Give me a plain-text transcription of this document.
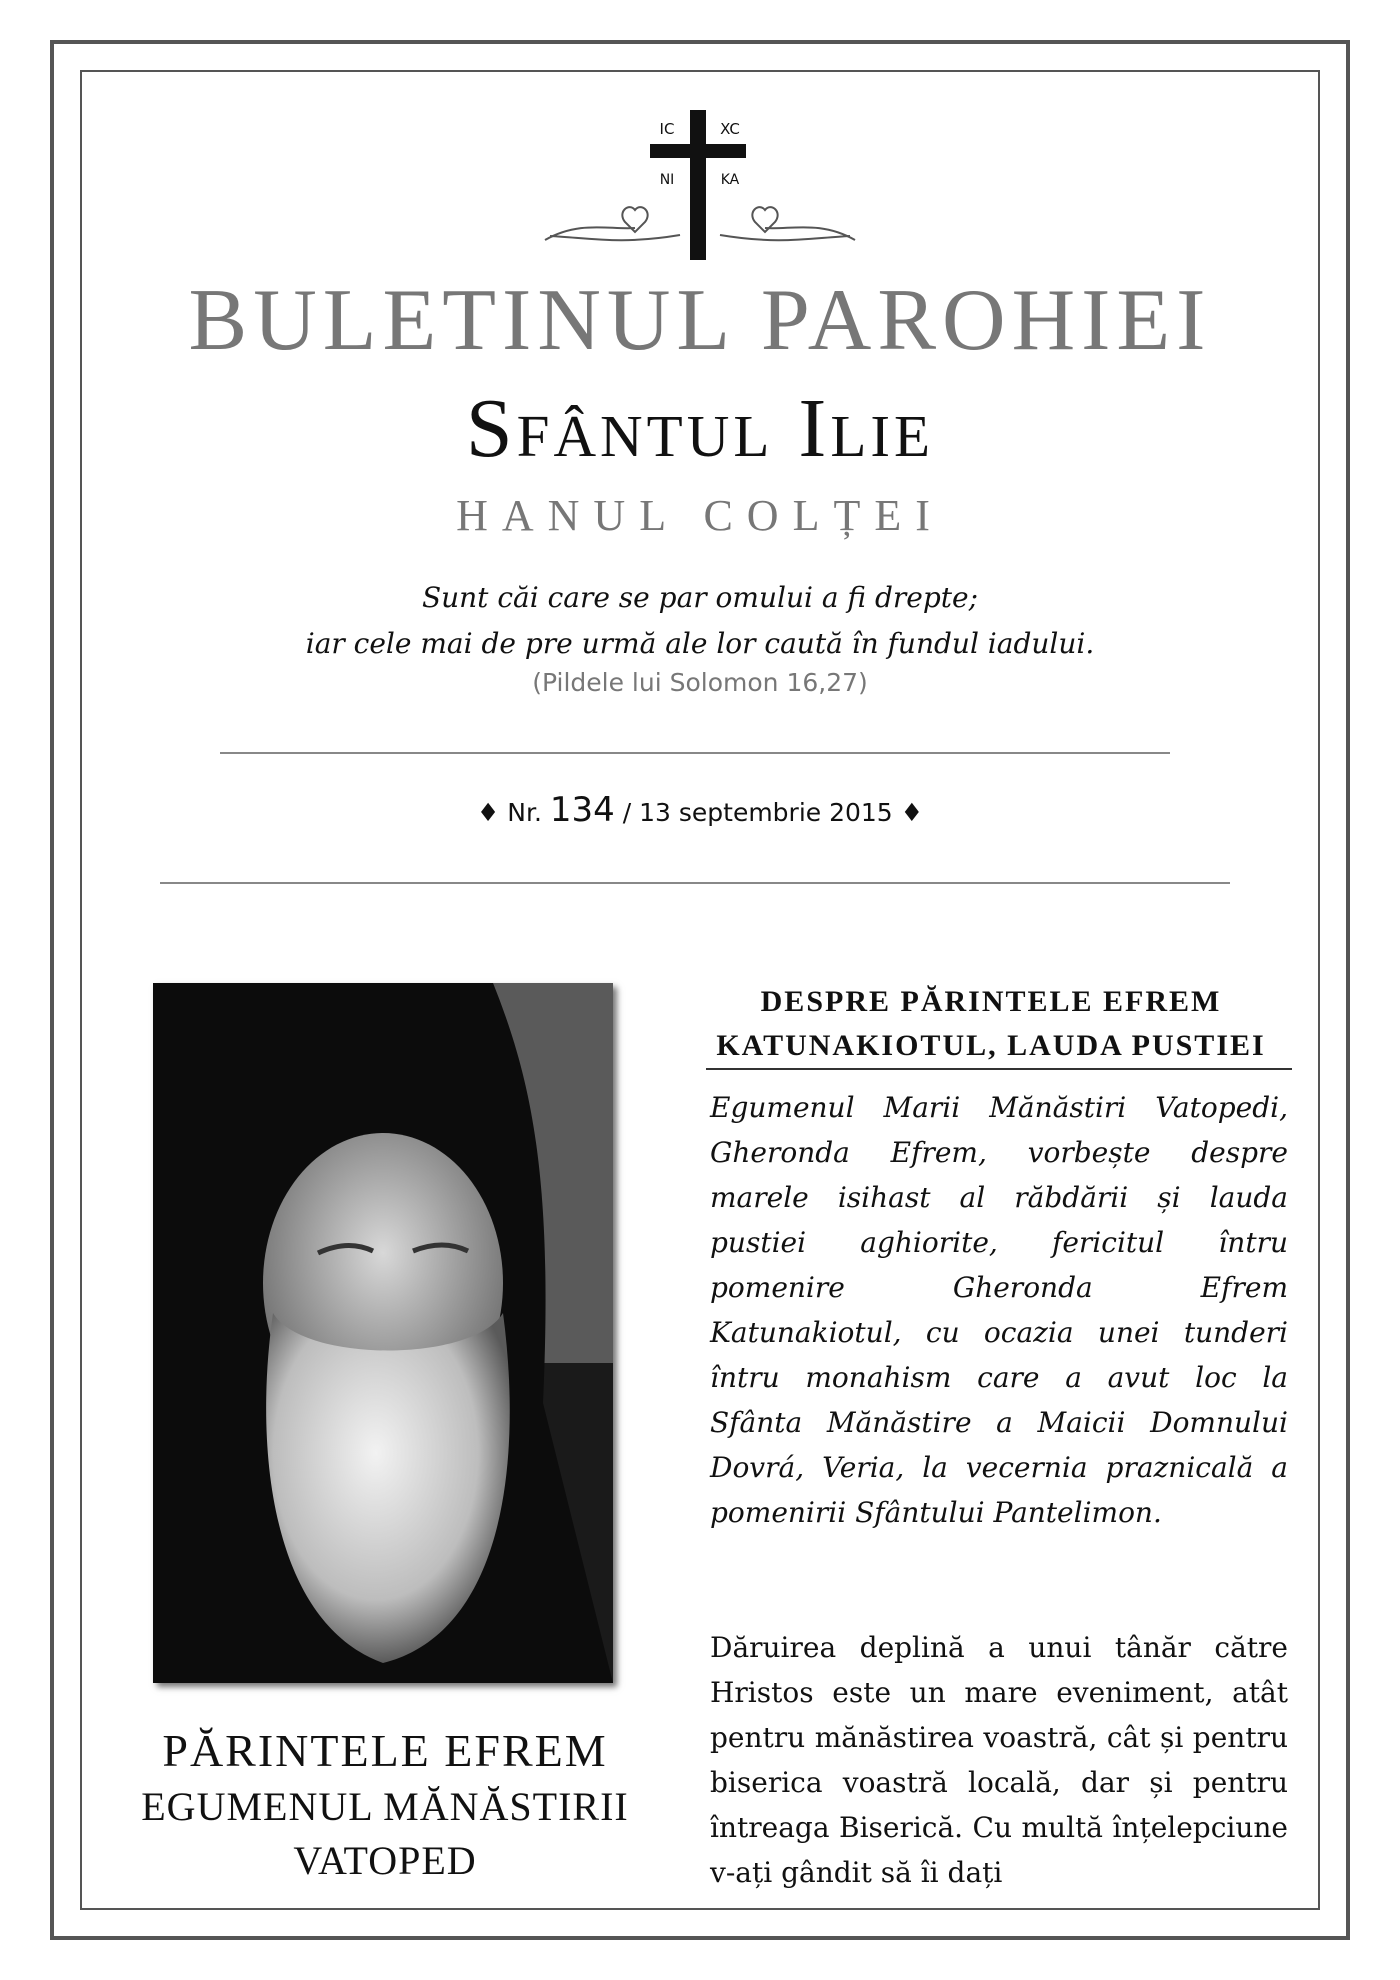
IC	XC
NI	KA
BULETINUL PAROHIEI
Sfântul Ilie
HANUL COLȚEI
Sunt căi care se par omului a fi drepte;
iar cele mai de pre urmă ale lor caută în fundul iadului.
(Pildele lui Solomon 16,27)
♦ Nr. 134 / 13 septembrie 2015 ♦
PĂRINTELE EFREM
EGUMENUL MĂNĂSTIRII
VATOPED
DESPRE PĂRINTELE EFREM
KATUNAKIOTUL, LAUDA PUSTIEI
Egumenul Marii Mănăstiri Vatopedi, Gheronda Efrem, vorbește despre marele isihast al răbdării și lauda pustiei aghiorite, fericitul întru pomenire Gheronda Efrem Katunakiotul, cu ocazia unei tunderi întru monahism care a avut loc la Sfânta Mănăstire a Maicii Domnului Dovrá, Veria, la vecernia praznicală a pomenirii Sfântului Pantelimon.
Dăruirea deplină a unui tânăr către Hristos este un mare eveniment, atât pentru mănăstirea voastră, cât și pentru biserica voastră locală, dar și pentru întreaga Biserică. Cu multă înțelepciune v-ați gândit să îi dați
